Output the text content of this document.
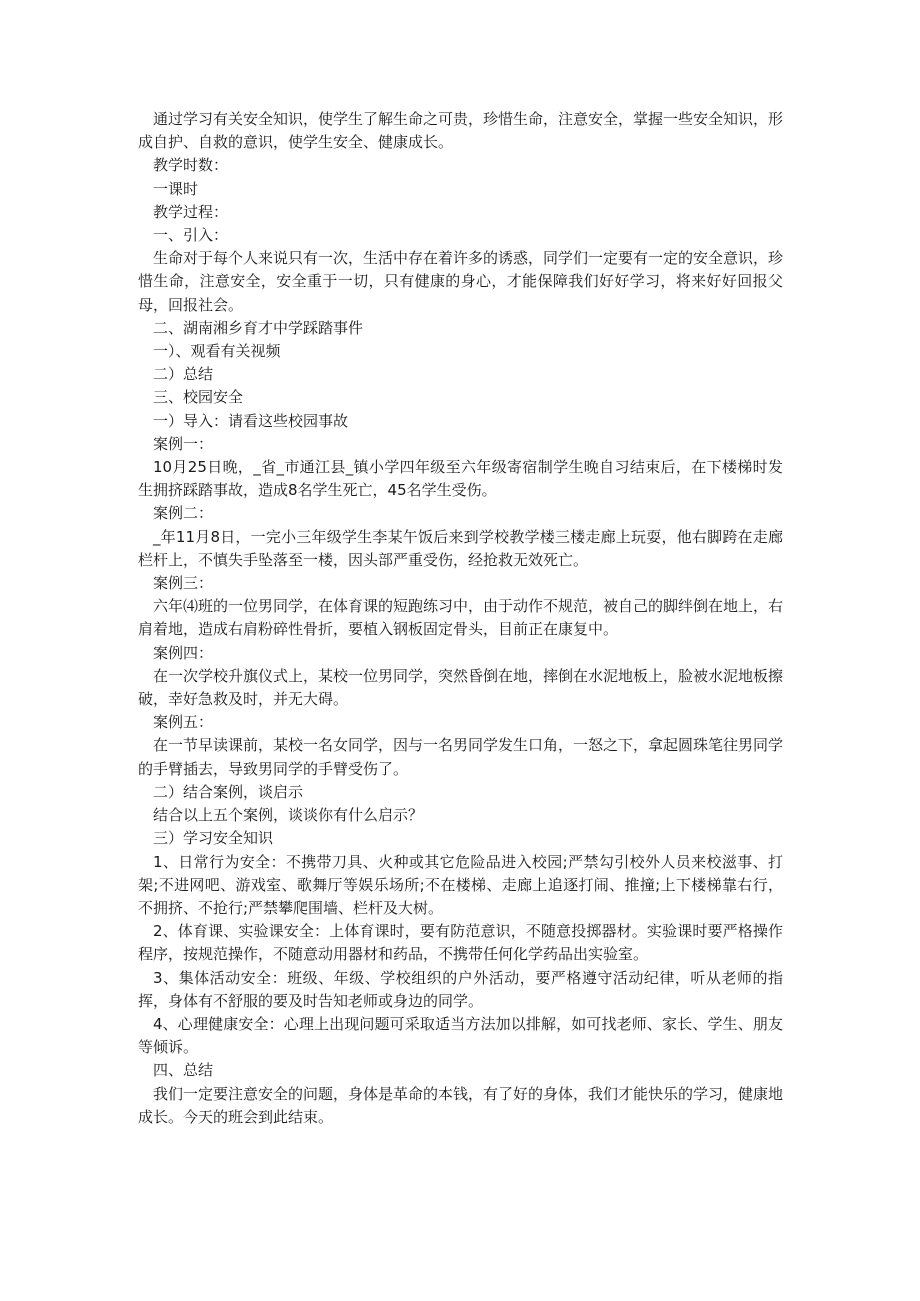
通过学习有关安全知识，使学生了解生命之可贵，珍惜生命，注意安全，掌握一些安全知识，形成自护、自救的意识，使学生安全、健康成长。

教学时数：

一课时

教学过程：

一、引入：

生命对于每个人来说只有一次，生活中存在着许多的诱惑，同学们一定要有一定的安全意识，珍惜生命，注意安全，安全重于一切，只有健康的身心，才能保障我们好好学习，将来好好回报父母，回报社会。

二、湖南湘乡育才中学踩踏事件

一）、观看有关视频

二）总结

三、校园安全

一）导入：请看这些校园事故

案例一：

10月25日晚，_省_市通江县_镇小学四年级至六年级寄宿制学生晚自习结束后，在下楼梯时发生拥挤踩踏事故，造成8名学生死亡，45名学生受伤。

案例二：

_年11月8日，一完小三年级学生李某午饭后来到学校教学楼三楼走廊上玩耍，他右脚跨在走廊栏杆上，不慎失手坠落至一楼，因头部严重受伤，经抢救无效死亡。

案例三：

六年⑷班的一位男同学，在体育课的短跑练习中，由于动作不规范，被自己的脚绊倒在地上，右肩着地，造成右肩粉碎性骨折，要植入钢板固定骨头，目前正在康复中。

案例四：

在一次学校升旗仪式上，某校一位男同学，突然昏倒在地，摔倒在水泥地板上，脸被水泥地板擦破，幸好急救及时，并无大碍。

案例五：

在一节早读课前，某校一名女同学，因与一名男同学发生口角，一怒之下，拿起圆珠笔往男同学的手臂插去，导致男同学的手臂受伤了。

二）结合案例，谈启示

结合以上五个案例，谈谈你有什么启示？

三）学习安全知识

1、日常行为安全：不携带刀具、火种或其它危险品进入校园;严禁勾引校外人员来校滋事、打架;不进网吧、游戏室、歌舞厅等娱乐场所;不在楼梯、走廊上追逐打闹、推撞;上下楼梯靠右行，不拥挤、不抢行;严禁攀爬围墙、栏杆及大树。

2、体育课、实验课安全：上体育课时，要有防范意识，不随意投掷器材。实验课时要严格操作程序，按规范操作，不随意动用器材和药品，不携带任何化学药品出实验室。

3、集体活动安全：班级、年级、学校组织的户外活动，要严格遵守活动纪律，听从老师的指挥，身体有不舒服的要及时告知老师或身边的同学。

4、心理健康安全：心理上出现问题可采取适当方法加以排解，如可找老师、家长、学生、朋友等倾诉。

四、总结

我们一定要注意安全的问题，身体是革命的本钱，有了好的身体，我们才能快乐的学习，健康地成长。今天的班会到此结束。
